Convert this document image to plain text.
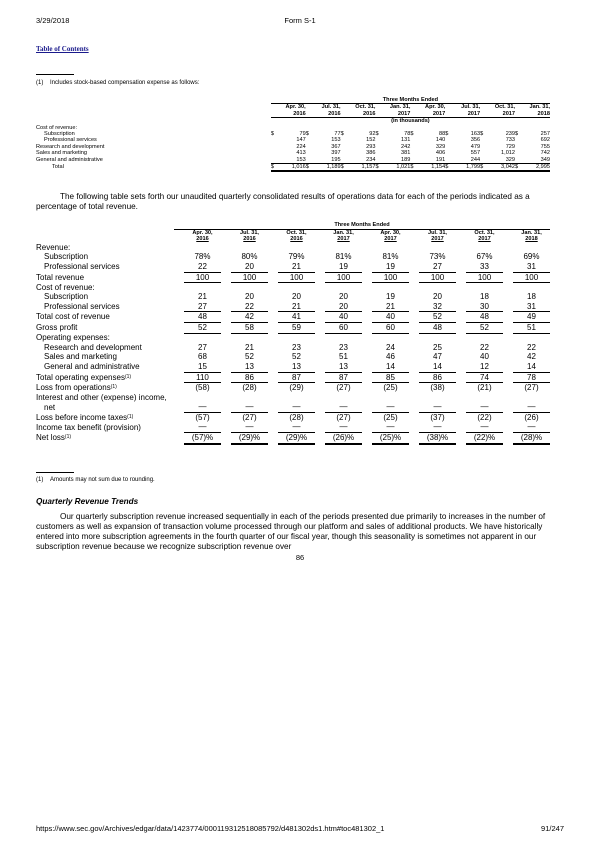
3/29/2018	Form S-1
Table of Contents
(1) Includes stock-based compensation expense as follows:
	Three Months Ended															
	Apr. 30,		Jul. 31,		Oct. 31,		Jan. 31,		Apr. 30,		Jul. 31,		Oct. 31,		Jan. 31,	
	2016		2016		2016		2017		2017		2017		2017		2018	
	(in thousands)															
Cost of revenue:																
Subscription	$	79	$	77	$	92	$	78	$	88	$	163	$	239	$	257
Professional services		147		153		152		131		140		356		733		692
Research and development		224		367		293		242		329		479		729		755
Sales and marketing		413		397		386		381		406		557		1,012		742
General and administrative		153		195		234		189		191		244		329		349
Total	$	1,016	$	1,189	$	1,157	$	1,021	$	1,154	$	1,799	$	3,042	$	2,995
The following table sets forth our unaudited quarterly consolidated results of operations data for each of the periods indicated as a percentage of total revenue.
	Three Months Ended															
		Apr. 30,		Jul. 31,		Oct. 31,		Jan. 31,		Apr. 30,		Jul. 31,		Oct. 31,		Jan. 31,
		2016		2016		2016		2017		2017		2017		2017		2018
Revenue:																
Subscription		78%		80%		79%		81%		81%		73%		67%		69%
Professional services		22		20		21		19		19		27		33		31
Total revenue		100		100		100		100		100		100		100		100
Cost of revenue:																
Subscription		21		20		20		20		19		20		18		18
Professional services		27		22		21		20		21		32		30		31
Total cost of revenue		48		42		41		40		40		52		48		49
Gross profit		52		58		59		60		60		48		52		51
Operating expenses:																
Research and development		27		21		23		23		24		25		22		22
Sales and marketing		68		52		52		51		46		47		40		42
General and administrative		15		13		13		13		14		14		12		14
Total operating expenses$^{(1)}$		110		86		87		87		85		86		74		78
Loss from operations$^{(1)}$		(58)		(28)		(29)		(27)		(25)		(38)		(21)		(27)
Interest and other (expense) income,																
net		—		—		—		—		—		—		—		—
Loss before income taxes$^{(1)}$		(57)		(27)		(28)		(27)		(25)		(37)		(22)		(26)
Income tax benefit (provision)		—		—		—		—		—		—		—		—
Net loss$^{(1)}$		(57)%		(29)%		(29)%		(26)%		(25)%		(38)%		(22)%		(28)%
(1) Amounts may not sum due to rounding.
Quarterly Revenue Trends
Our quarterly subscription revenue increased sequentially in each of the periods presented due primarily to increases in the number of customers as well as expansion of transaction volume processed through our platform and sales of additional products. We have historically entered into more subscription agreements in the fourth quarter of our fiscal year, though this seasonality is sometimes not apparent in our subscription revenue because we recognize subscription revenue over
86
https://www.sec.gov/Archives/edgar/data/1423774/000119312518085792/d481302ds1.htm#toc481302_1	91/247
